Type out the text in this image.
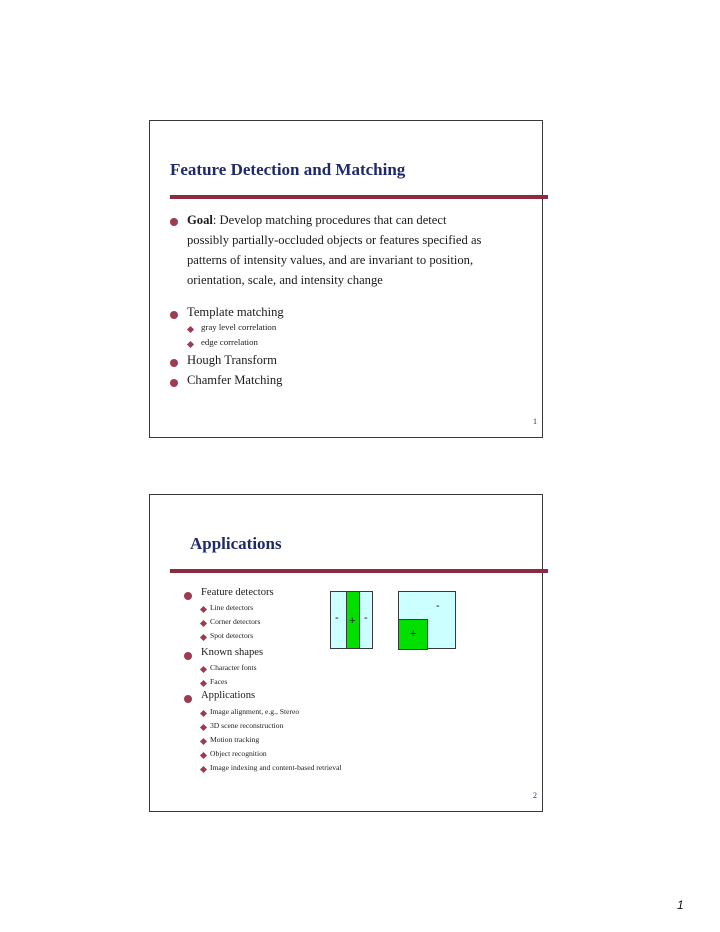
Feature Detection and Matching
Goal: Develop matching procedures that can detect
possibly partially-occluded objects or features specified as
patterns of intensity values, and are invariant to position,
orientation, scale, and intensity change
Template matching
gray level correlation
edge correlation
Hough Transform
Chamfer Matching
1
Applications
Feature detectors
Line detectors
Corner detectors
Spot detectors
Known shapes
Character fonts
Faces
Applications
Image alignment, e.g., Stereo
3D scene reconstruction
Motion tracking
Object recognition
Image indexing and content-based retrieval
- + -
-
+
2
1
